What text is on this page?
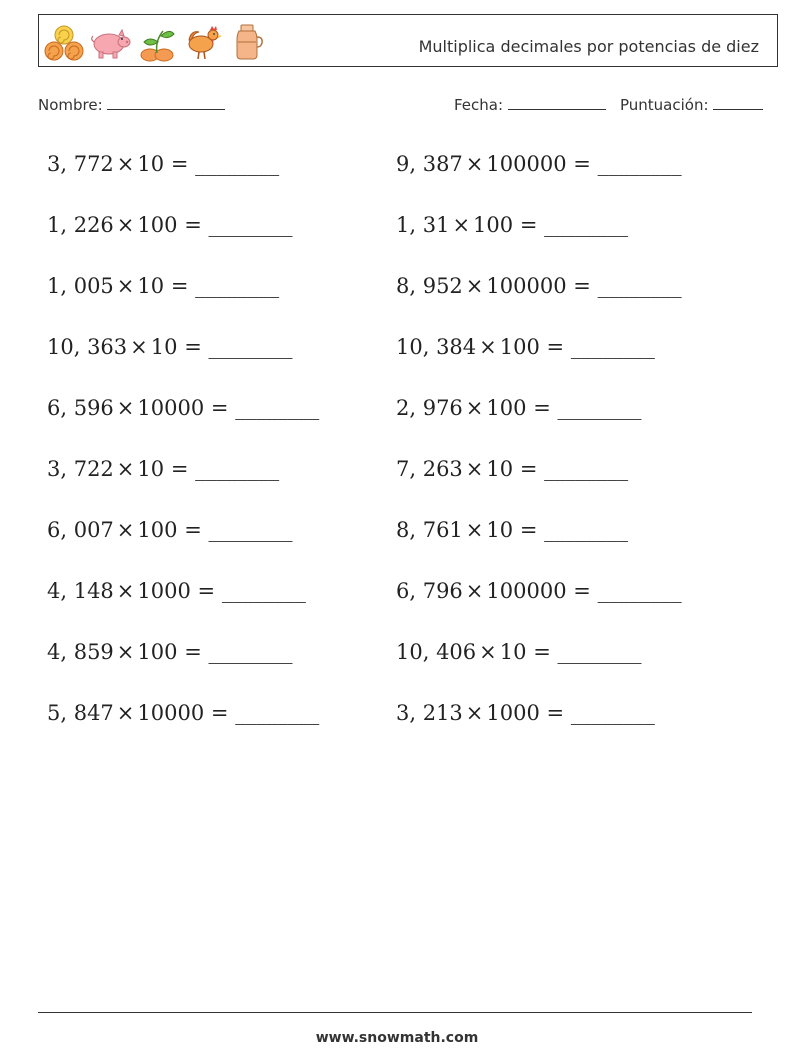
Multiplica decimales por potencias de diez
Nombre:	Fecha:	Puntuación:
3, 772 × 10 = ________
1, 226 × 100 = ________
1, 005 × 10 = ________
10, 363 × 10 = ________
6, 596 × 10000 = ________
3, 722 × 10 = ________
6, 007 × 100 = ________
4, 148 × 1000 = ________
4, 859 × 100 = ________
5, 847 × 10000 = ________
9, 387 × 100000 = ________
1, 31 × 100 = ________
8, 952 × 100000 = ________
10, 384 × 100 = ________
2, 976 × 100 = ________
7, 263 × 10 = ________
8, 761 × 10 = ________
6, 796 × 100000 = ________
10, 406 × 10 = ________
3, 213 × 1000 = ________
www.snowmath.com
